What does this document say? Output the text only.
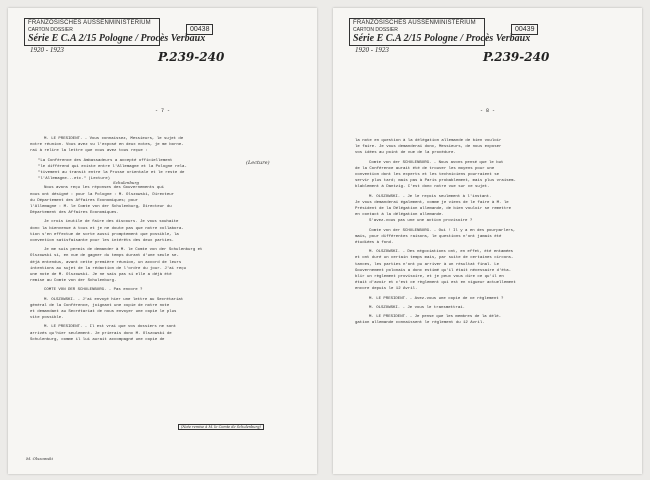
FRANZÖSISCHES AUSSENMINISTERIUM
CARTON DOSSIER
Série E C.A 2/15 Pologne / Procès Verbaux
1920 - 1923
00438
P.239-240
- 7 -

M. LE PRESIDENT. - Vous connaissez, Messieurs, le sujet de
notre réunion. Vous avez vu l'exposé en deux notes, je me borne-
rai à relire la lettre que vous avez tous reçue :

"La Conférence des Ambassadeurs a accepté officiellement
"le différend qui existe entre l'Allemagne et la Pologne rela-
"tivement au transit entre la Prusse orientale et le reste de
"l'Allemagne...etc." (Lecture)

Nous avons reçu les réponses des Gouvernements qui
nous ont désigné : pour la Pologne : M. Olszowski, Directeur
du Département des Affaires Economiques; pour
l'Allemagne : M. le Comte von der Schulenburg, Directeur du
Département des Affaires Economiques.

Je crois inutile de faire des discours. Je vous souhaite
donc la bienvenue à tous et je ne doute pas que notre collabora-
tion s'en effectue de sorte aussi promptement que possible, la
convention satisfaisante pour les intérêts des deux parties.

Je me suis permis de demander à M. le Comte von der Schulenburg et
Olszowski si, en vue de gagner du temps durant d'une seule se-
déjà entendus, avant cette première réunion, un accord de leurs
intentions au sujet de la rédaction de l'ordre du jour. J'ai reçu
une note de M. Olszowski. Je ne sais pas si elle a déjà été
remise au Comte von der Schulenburg.

COMTE VON DER SCHULENBURG. - Pas encore ?

M. OLSZOWSKI. - J'ai envoyé hier une lettre au Secrétariat
général de la Conférence, joignant une copie de notre note
et demandant au Secrétariat de nous envoyer une copie le plus
vite possible.

M. LE PRESIDENT. - Il est vrai que vos dossiers ne sont
arrivés qu'hier seulement. Je prierais donc M. Olszowski de
Schulenburg, comme il lui aurait accompagné une copie de

(Lecture)
Schulenburg
(Note remise à M. le Comte de Schulenburg)
M. Olszowski
FRANZÖSISCHES AUSSENMINISTERIUM
CARTON DOSSIER
Série E C.A 2/15 Pologne / Procès Verbaux
1920 - 1923
00439
P.239-240
- 8 -

la note en question à la délégation allemande de bien vouloir
le faire. Je vous demanderai donc, Messieurs, de nous exposer
vos idées au point de vue de la procédure.

Comte von der SCHULENBURG. - Nous avons pensé que le but
de la Conférence aurait été de trouver les moyens pour une
convention dont les experts et les techniciens pourraient se
servir plus tard; mais pas à Paris probablement, mais plus vraisem-
blablement à Dantzig. C'est donc notre vue sur ce sujet.

M. OLSZOWSKI. - Je le reçois seulement à l'instant.
Je vous demanderai également, comme je viens de le faire à M. le
Président de la Délégation allemande, de bien vouloir se remettre
en contact à la délégation allemande.
S'avez-vous pas une une action provisoire ?

Comte von der SCHULENBURG. - Oui ! Il y a en des pourparlers,
mais, pour différentes raisons, le questions n'ont jamais été
étudiées à fond.

M. OLSZOWSKI. - Des négociations ont, en effet, été entamées
et ont duré un certain temps mais, par suite de certaines circons-
tances, les parties n'ont pu arriver à un résultat final. Le
Gouvernement polonais a donc estimé qu'il était nécessaire d'éta-
blir un règlement provisoire, et je peux vous dire ce qu'il en
était d'avoir et c'est ce règlement qui est en vigueur actuellement
encore depuis le 12 Avril.

M. LE PRESIDENT. - Avez-vous une copie de ce règlement ?

M. OLSZOWSKI. - Je vous le transmettrai.

M. LE PRESIDENT. - Je pense que les membres de la délé-
gation allemande connaissent le règlement du 12 Avril.
